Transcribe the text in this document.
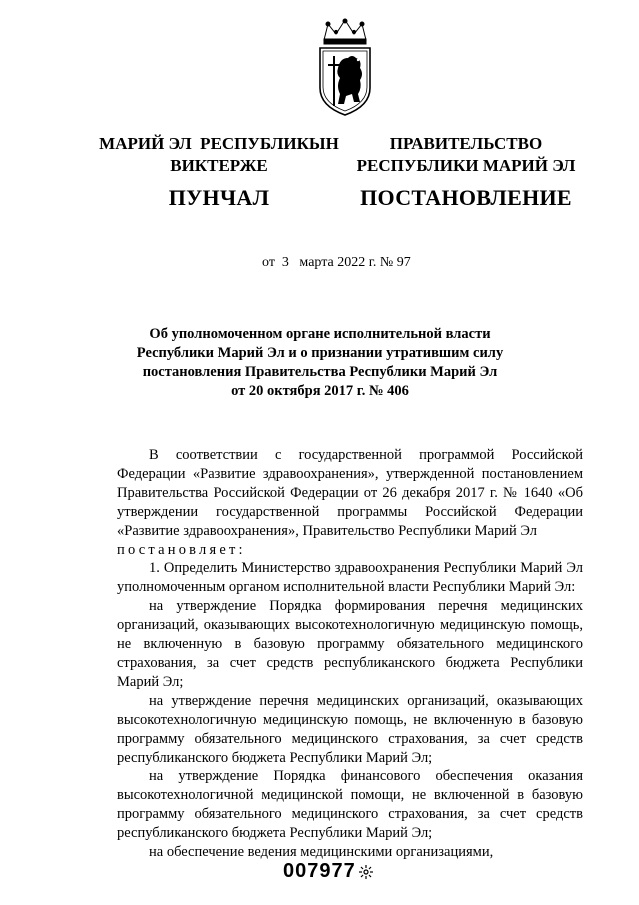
МАРИЙ ЭЛ  РЕСПУБЛИКЫН
ВИКТЕРЖЕ
ПУНЧАЛ
ПРАВИТЕЛЬСТВО
РЕСПУБЛИКИ МАРИЙ ЭЛ
ПОСТАНОВЛЕНИЕ
от  3   марта 2022 г. № 97
Об уполномоченном органе исполнительной власти
Республики Марий Эл и о признании утратившим силу
постановления Правительства Республики Марий Эл
от 20 октября 2017 г. № 406

В соответствии с государственной программой Российской Федерации «Развитие здравоохранения», утвержденной постановлением Правительства Российской Федерации от 26 декабря 2017 г. № 1640 «Об утверждении государственной программы Российской Федерации «Развитие здравоохранения», Правительство Республики Марий Эл

постановляет:

1. Определить Министерство здравоохранения Республики Марий Эл уполномоченным органом исполнительной власти Республики Марий Эл:

на утверждение Порядка формирования перечня медицинских организаций, оказывающих высокотехнологичную медицинскую помощь, не включенную в базовую программу обязательного медицинского страхования, за счет средств республиканского бюджета Республики Марий Эл;

на утверждение перечня медицинских организаций, оказывающих высокотехнологичную медицинскую помощь, не включенную в базовую программу обязательного медицинского страхования, за счет средств республиканского бюджета Республики Марий Эл;

на утверждение Порядка финансового обеспечения оказания высокотехнологичной медицинской помощи, не включенной в базовую программу обязательного медицинского страхования, за счет средств республиканского бюджета Республики Марий Эл;

на обеспечение ведения медицинскими организациями,

007977
